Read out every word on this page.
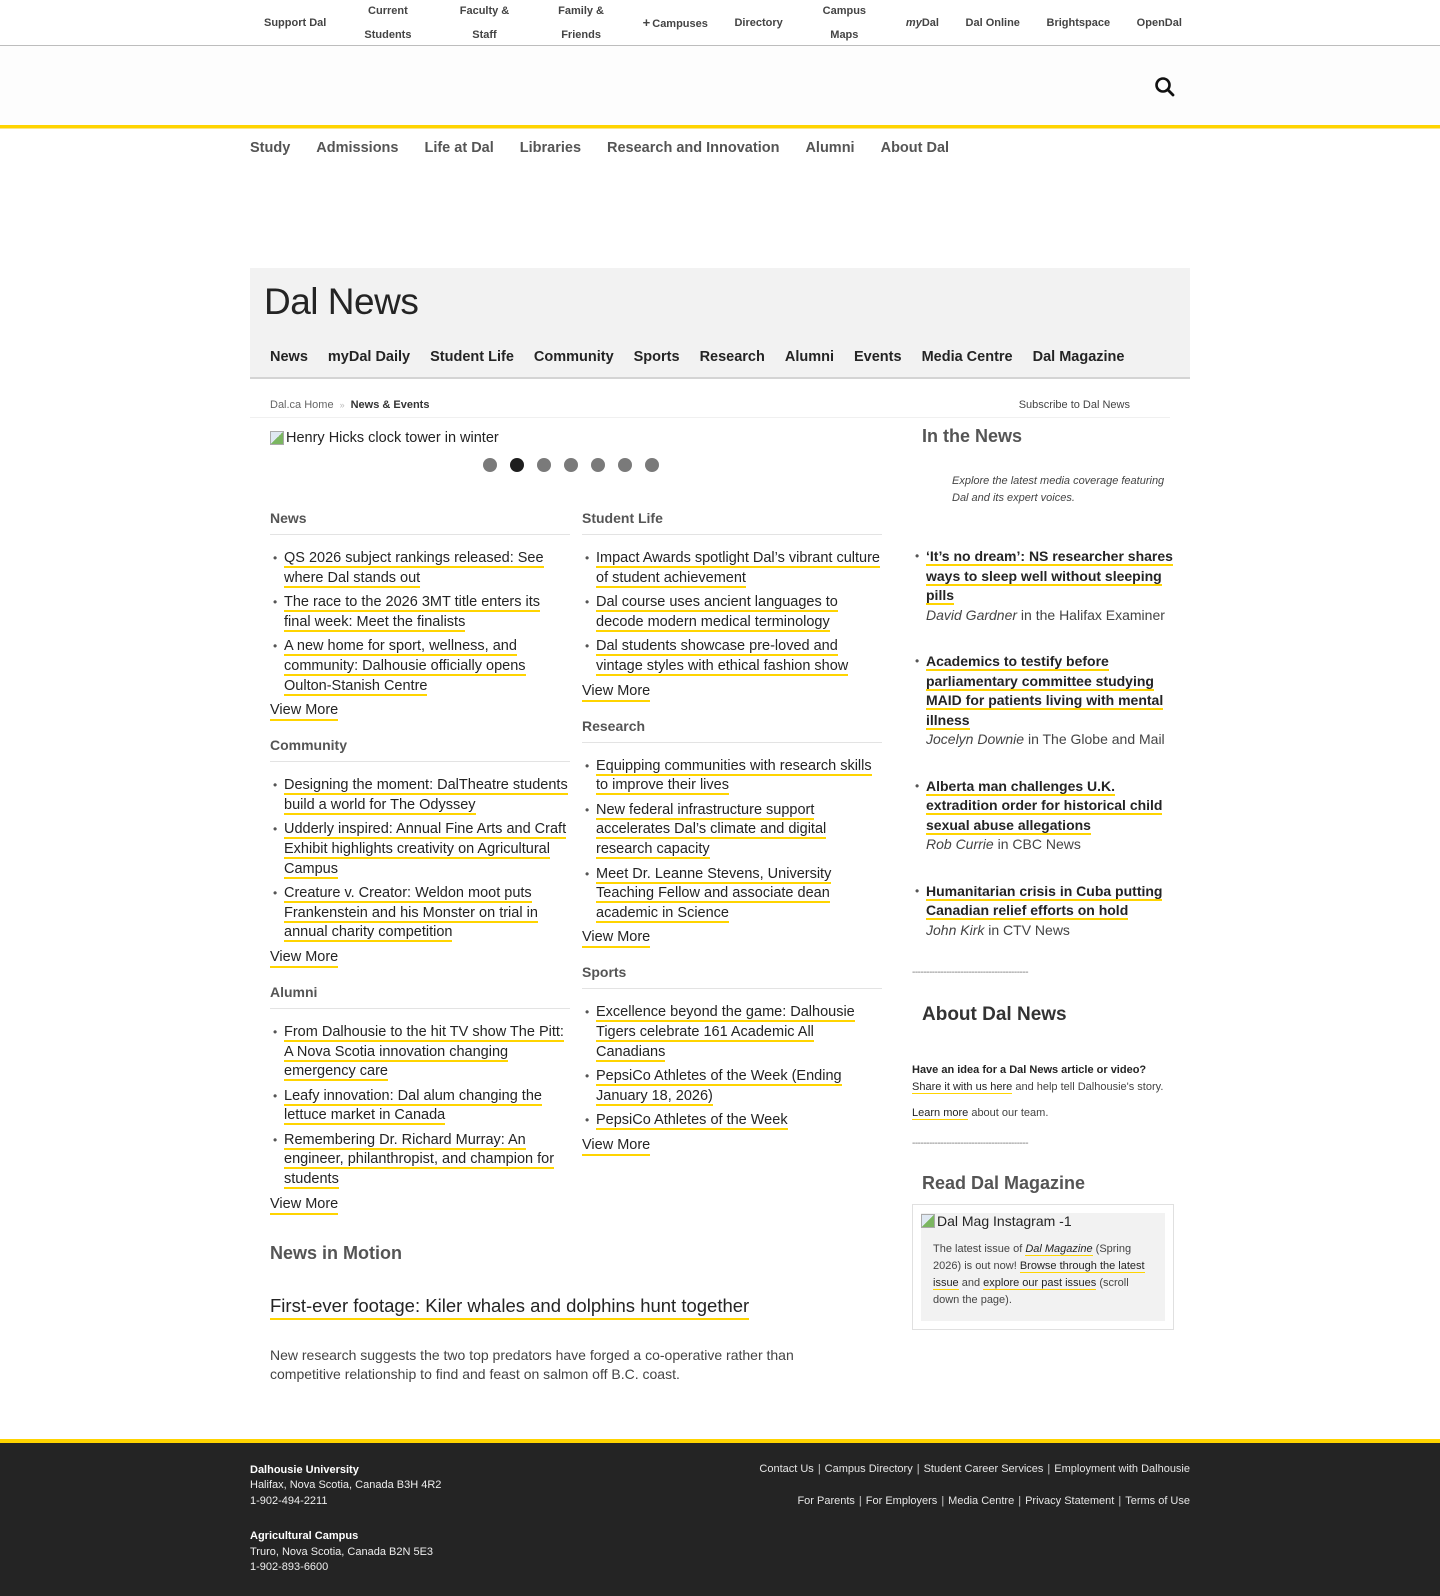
Support Dal
Current Students
Faculty & Staff
Family & Friends
+ Campuses Directory
Campus Maps
myDal Dal Online Brightspace OpenDal
Study Admissions Life at Dal Libraries Research and Innovation Alumni About Dal
Dal News
News myDal Daily Student Life Community Sports Research Alumni Events Media Centre Dal Magazine
Dal.ca Home » News & Events	Subscribe to Dal News
Henry Hicks clock tower in winter
News
• QS 2026 subject rankings released: See where Dal stands out
• The race to the 2026 3MT title enters its final week: Meet the finalists
• A new home for sport, wellness, and community: Dalhousie officially opens Oulton-Stanish Centre
View More
Community
• Designing the moment: DalTheatre students build a world for The Odyssey
• Udderly inspired: Annual Fine Arts and Craft Exhibit highlights creativity on Agricultural Campus
• Creature v. Creator: Weldon moot puts Frankenstein and his Monster on trial in annual charity competition
View More
Alumni
• From Dalhousie to the hit TV show The Pitt: A Nova Scotia innovation changing emergency care
• Leafy innovation: Dal alum changing the lettuce market in Canada
• Remembering Dr. Richard Murray: An engineer, philanthropist, and champion for students
View More
Student Life
• Impact Awards spotlight Dal’s vibrant culture of student achievement
• Dal course uses ancient languages to decode modern medical terminology
• Dal students showcase pre-loved and vintage styles with ethical fashion show
View More
Research
• Equipping communities with research skills to improve their lives
• New federal infrastructure support accelerates Dal’s climate and digital research capacity
• Meet Dr. Leanne Stevens, University Teaching Fellow and associate dean academic in Science
View More
Sports
• Excellence beyond the game: Dalhousie Tigers celebrate 161 Academic All Canadians
• PepsiCo Athletes of the Week (Ending January 18, 2026)
• PepsiCo Athletes of the Week
View More
News in Motion
First-ever footage: Kiler whales and dolphins hunt together

New research suggests the two top predators have forged a co-operative rather than competitive relationship to find and feast on salmon off B.C. coast.

In the News
Explore the latest media coverage featuring Dal and its expert voices.
• ‘It’s no dream’: NS researcher shares ways to sleep well without sleeping pills
David Gardner in the Halifax Examiner
• Academics to testify before parliamentary committee studying MAID for patients living with mental illness
Jocelyn Downie in The Globe and Mail
• Alberta man challenges U.K. extradition order for historical child sexual abuse allegations
Rob Currie in CBC News
• Humanitarian crisis in Cuba putting Canadian relief efforts on hold
John Kirk in CTV News
-----------------------------------------
About Dal News

Have an idea for a Dal News article or video? Share it with us here and help tell Dalhousie's story.

Learn more about our team.

-----------------------------------------
Read Dal Magazine
Dal Mag Instagram -1

The latest issue of Dal Magazine (Spring 2026) is out now! Browse through the latest issue and explore our past issues (scroll down the page).

Dalhousie University
Halifax, Nova Scotia, Canada B3H 4R2
1-902-494-2211
Agricultural Campus
Truro, Nova Scotia, Canada B2N 5E3
1-902-893-6600
Contact Us | Campus Directory | Student Career Services | Employment with Dalhousie
For Parents | For Employers | Media Centre | Privacy Statement | Terms of Use
